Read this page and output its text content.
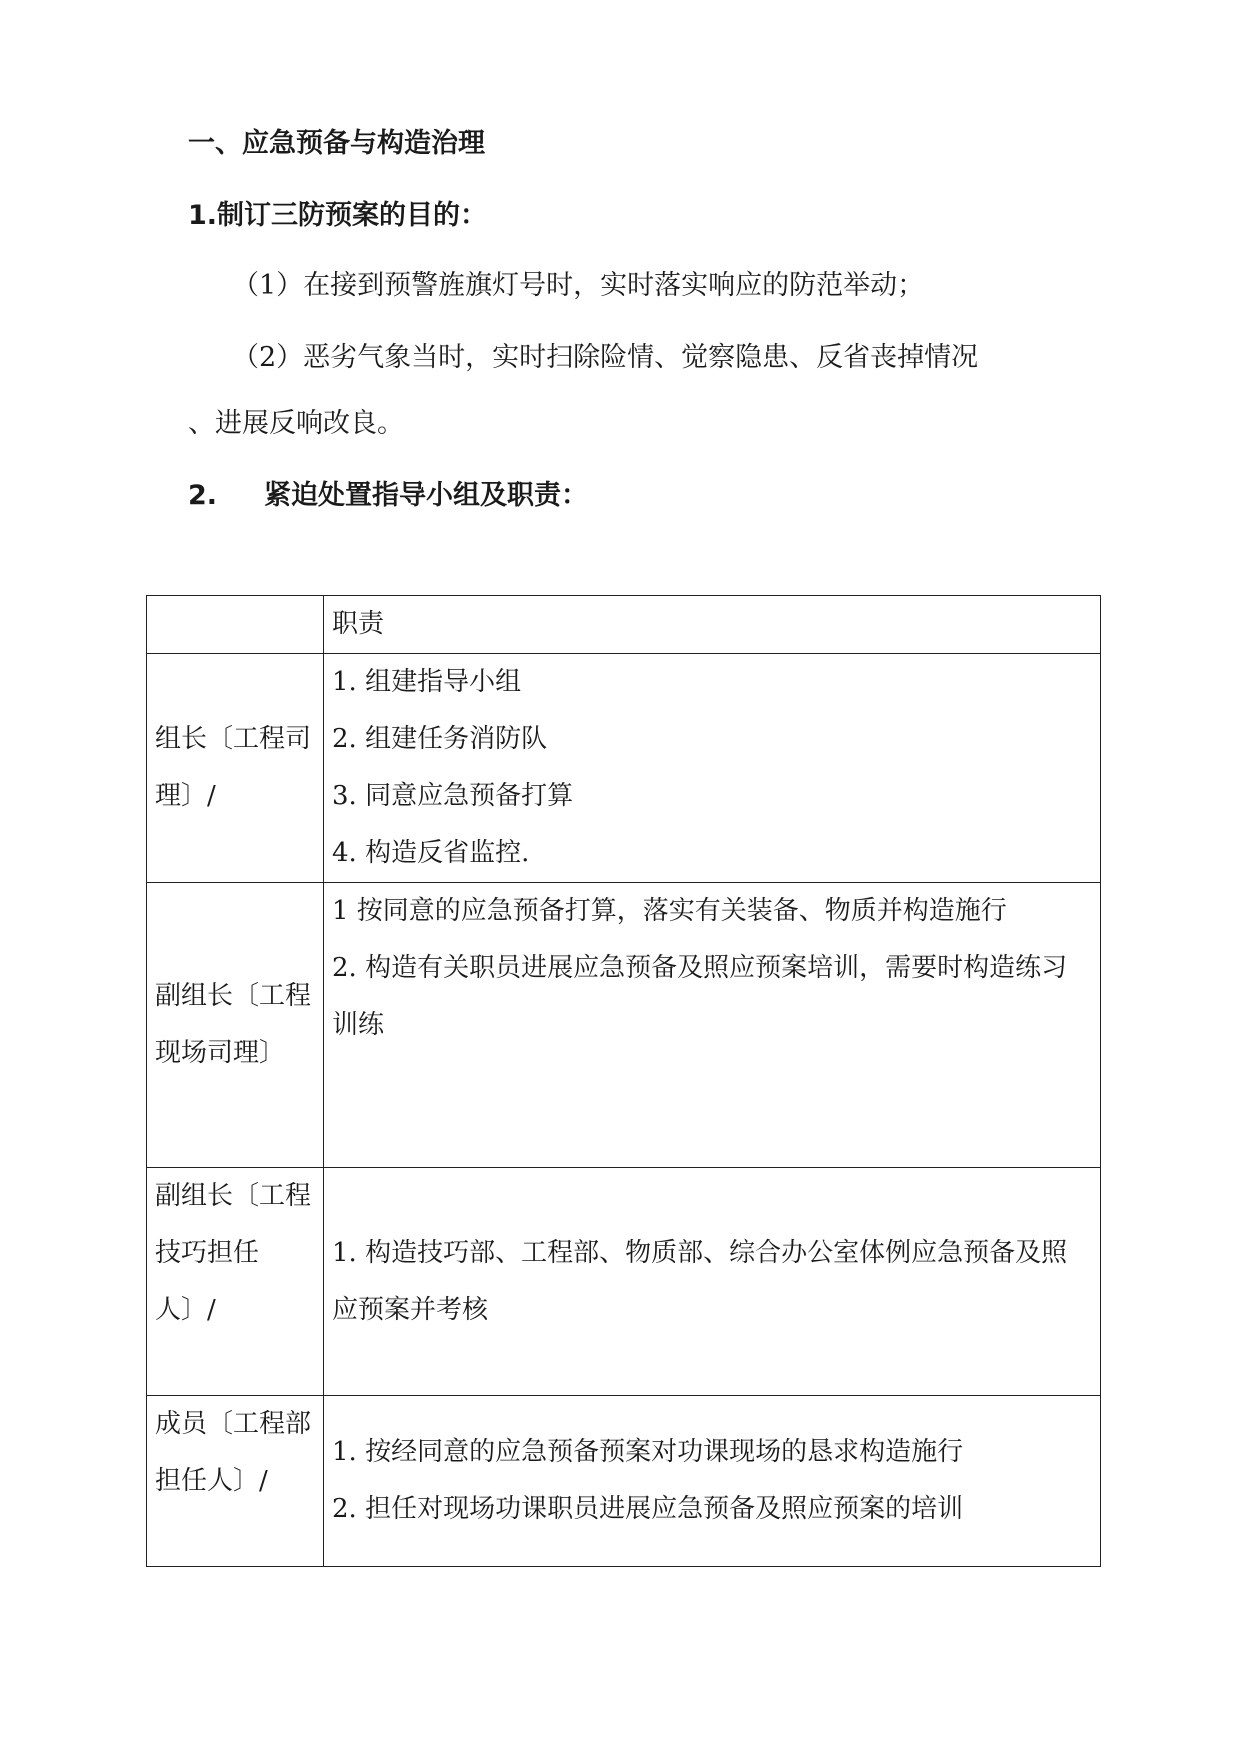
一、应急预备与构造治理
1.制订三防预案的目的：
（1）在接到预警旌旗灯号时，实时落实响应的防范举动；
（2）恶劣气象当时，实时扫除险情、觉察隐患、反省丧掉情况
、进展反响改良。
2. 紧迫处置指导小组及职责：
	职责
组长〔工程司理〕/	1. 组建指导小组
2. 组建任务消防队
3. 同意应急预备打算
4. 构造反省监控.

副组长〔工程现场司理〕	1 按同意的应急预备打算，落实有关装备、物质并构造施行
2. 构造有关职员进展应急预备及照应预案培训，需要时构造练习训练

副组长〔工程技巧担任人〕/	1. 构造技巧部、工程部、物质部、综合办公室体例应急预备及照应预案并考核

成员〔工程部担任人〕/	1. 按经同意的应急预备预案对功课现场的恳求构造施行
2. 担任对现场功课职员进展应急预备及照应预案的培训
